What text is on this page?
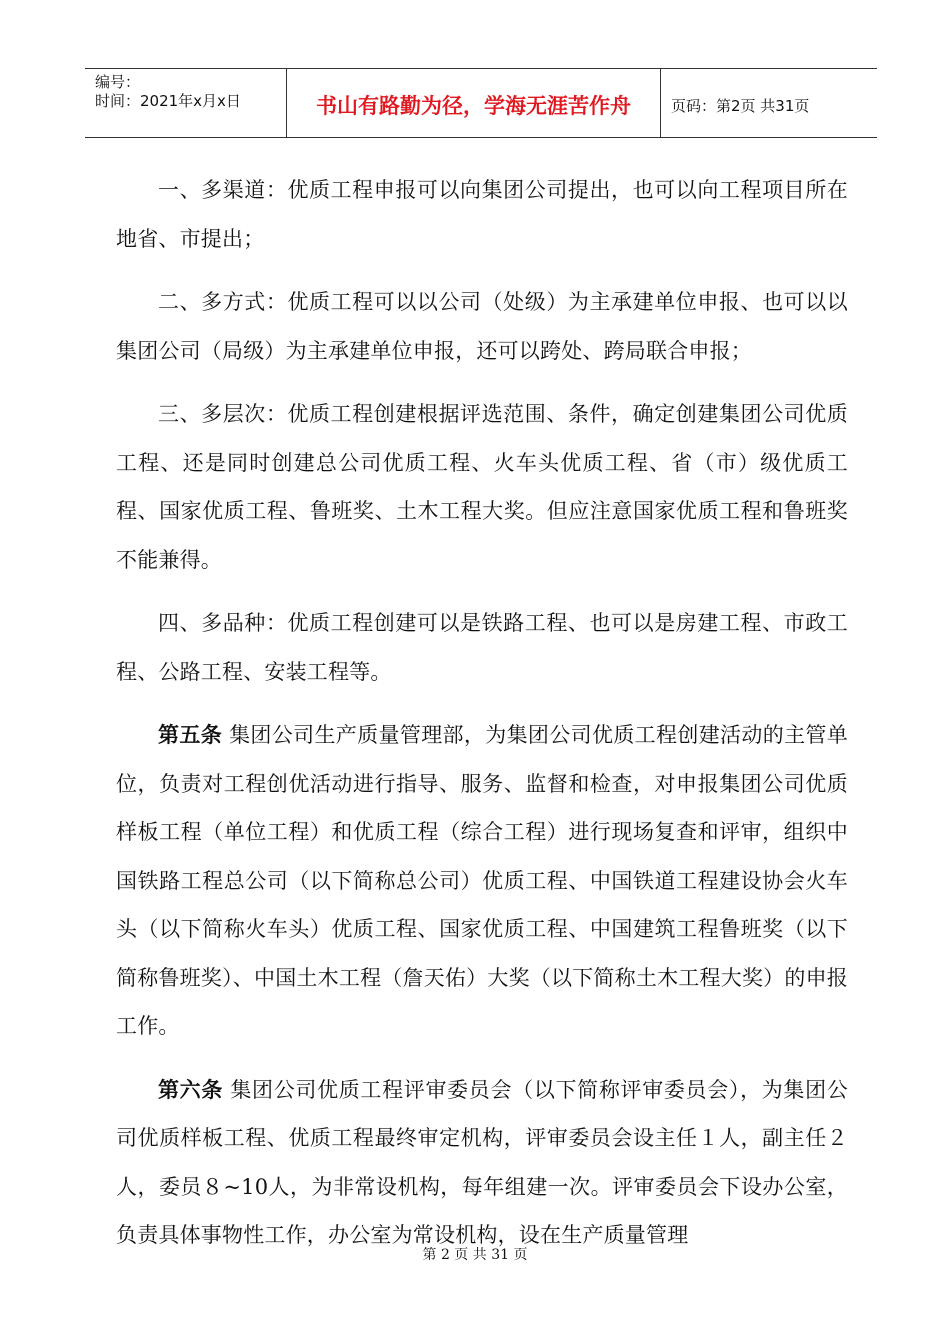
编号：
时间：2021年x月x日	书山有路勤为径，学海无涯苦作舟	页码：第2页 共31页

一、多渠道：优质工程申报可以向集团公司提出，也可以向工程项目所在地省、市提出；

二、多方式：优质工程可以以公司（处级）为主承建单位申报、也可以以集团公司（局级）为主承建单位申报，还可以跨处、跨局联合申报；

三、多层次：优质工程创建根据评选范围、条件，确定创建集团公司优质工程、还是同时创建总公司优质工程、火车头优质工程、省（市）级优质工程、国家优质工程、鲁班奖、土木工程大奖。但应注意国家优质工程和鲁班奖不能兼得。

四、多品种：优质工程创建可以是铁路工程、也可以是房建工程、市政工程、公路工程、安装工程等。

第五条 集团公司生产质量管理部，为集团公司优质工程创建活动的主管单位，负责对工程创优活动进行指导、服务、监督和检查，对申报集团公司优质样板工程（单位工程）和优质工程（综合工程）进行现场复查和评审，组织中国铁路工程总公司（以下简称总公司）优质工程、中国铁道工程建设协会火车头（以下简称火车头）优质工程、国家优质工程、中国建筑工程鲁班奖（以下简称鲁班奖）、中国土木工程（詹天佑）大奖（以下简称土木工程大奖）的申报工作。

第六条 集团公司优质工程评审委员会（以下简称评审委员会），为集团公司优质样板工程、优质工程最终审定机构，评审委员会设主任１人，副主任２人，委员８~10人，为非常设机构，每年组建一次。评审委员会下设办公室，负责具体事物性工作，办公室为常设机构，设在生产质量管理

第 2 页 共 31 页
